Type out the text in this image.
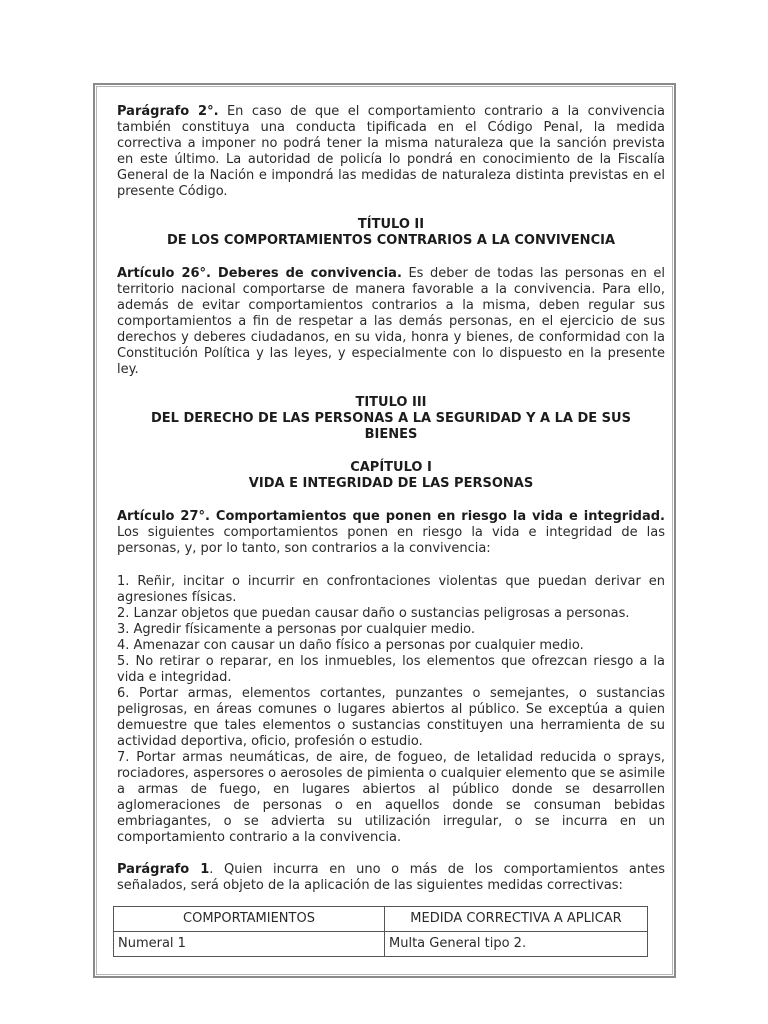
Parágrafo 2°. En caso de que el comportamiento contrario a la convivencia también constituya una conducta tipificada en el Código Penal, la medida correctiva a imponer no podrá tener la misma naturaleza que la sanción prevista en este último. La autoridad de policía lo pondrá en conocimiento de la Fiscalía General de la Nación e impondrá las medidas de naturaleza distinta previstas en el presente Código.

TÍTULO II
DE LOS COMPORTAMIENTOS CONTRARIOS A LA CONVIVENCIA

Artículo 26°. Deberes de convivencia. Es deber de todas las personas en el territorio nacional comportarse de manera favorable a la convivencia. Para ello, además de evitar comportamientos contrarios a la misma, deben regular sus comportamientos a fin de respetar a las demás personas, en el ejercicio de sus derechos y deberes ciudadanos, en su vida, honra y bienes, de conformidad con la Constitución Política y las leyes, y especialmente con lo dispuesto en la presente ley.

TITULO III
DEL DERECHO DE LAS PERSONAS A LA SEGURIDAD Y A LA DE SUS BIENES
CAPÍTULO I
VIDA E INTEGRIDAD DE LAS PERSONAS

Artículo 27°. Comportamientos que ponen en riesgo la vida e integridad. Los siguientes comportamientos ponen en riesgo la vida e integridad de las personas, y, por lo tanto, son contrarios a la convivencia:

1. Reñir, incitar o incurrir en confrontaciones violentas que puedan derivar en agresiones físicas.
2. Lanzar objetos que puedan causar daño o sustancias peligrosas a personas.
3. Agredir físicamente a personas por cualquier medio.
4. Amenazar con causar un daño físico a personas por cualquier medio.
5. No retirar o reparar, en los inmuebles, los elementos que ofrezcan riesgo a la vida e integridad.
6. Portar armas, elementos cortantes, punzantes o semejantes, o sustancias peligrosas, en áreas comunes o lugares abiertos al público. Se exceptúa a quien demuestre que tales elementos o sustancias constituyen una herramienta de su actividad deportiva, oficio, profesión o estudio.
7. Portar armas neumáticas, de aire, de fogueo, de letalidad reducida o sprays, rociadores, aspersores o aerosoles de pimienta o cualquier elemento que se asimile a armas de fuego, en lugares abiertos al público donde se desarrollen aglomeraciones de personas o en aquellos donde se consuman bebidas embriagantes, o se advierta su utilización irregular, o se incurra en un comportamiento contrario a la convivencia.

Parágrafo 1. Quien incurra en uno o más de los comportamientos antes señalados, será objeto de la aplicación de las siguientes medidas correctivas:

COMPORTAMIENTOS	MEDIDA CORRECTIVA A APLICAR
Numeral 1	Multa General tipo 2.
